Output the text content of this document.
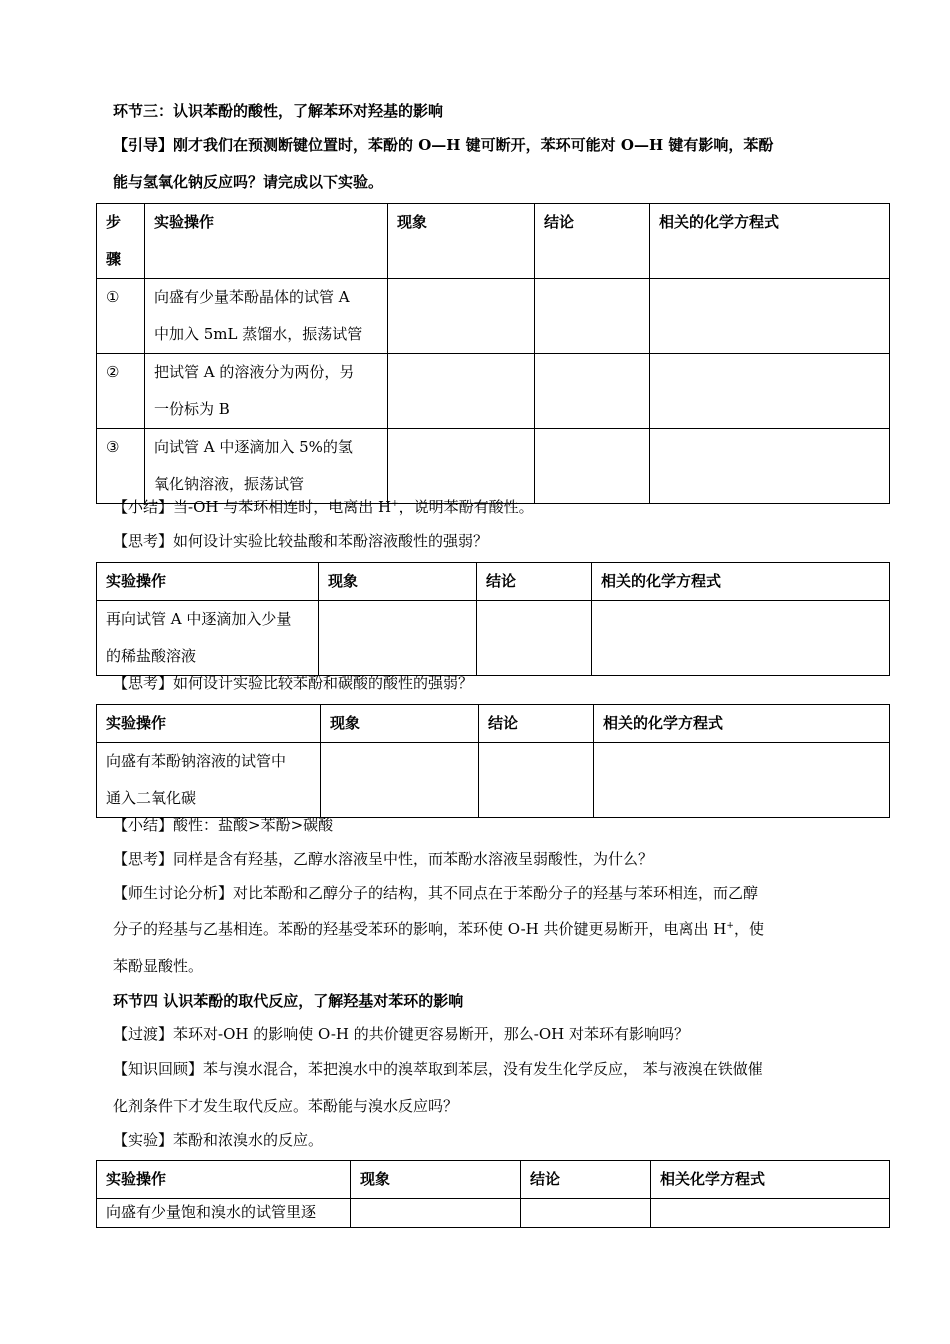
环节三：认识苯酚的酸性，了解苯环对羟基的影响
【引导】刚才我们在预测断键位置时，苯酚的 O—H 键可断开，苯环可能对 O—H 键有影响，苯酚
能与氢氧化钠反应吗？请完成以下实验。
步
骤	实验操作	现象	结论	相关的化学方程式
①	向盛有少量苯酚晶体的试管 A
中加入 5mL 蒸馏水，振荡试管			
②	把试管 A 的溶液分为两份，另
一份标为 B			
③	向试管 A 中逐滴加入 5%的氢
氧化钠溶液，振荡试管			
【小结】当-OH 与苯环相连时，电离出 H+，说明苯酚有酸性。
【思考】如何设计实验比较盐酸和苯酚溶液酸性的强弱？
实验操作	现象	结论	相关的化学方程式
再向试管 A 中逐滴加入少量
的稀盐酸溶液			
【思考】如何设计实验比较苯酚和碳酸的酸性的强弱？
实验操作	现象	结论	相关的化学方程式
向盛有苯酚钠溶液的试管中
通入二氧化碳			
【小结】酸性：盐酸>苯酚>碳酸
【思考】同样是含有羟基，乙醇水溶液呈中性，而苯酚水溶液呈弱酸性，为什么？
【师生讨论分析】对比苯酚和乙醇分子的结构，其不同点在于苯酚分子的羟基与苯环相连，而乙醇
分子的羟基与乙基相连。苯酚的羟基受苯环的影响，苯环使 O-H 共价键更易断开，电离出 H+，使
苯酚显酸性。
环节四 认识苯酚的取代反应，了解羟基对苯环的影响
【过渡】苯环对-OH 的影响使 O-H 的共价键更容易断开，那么-OH 对苯环有影响吗？
【知识回顾】苯与溴水混合，苯把溴水中的溴萃取到苯层，没有发生化学反应， 苯与液溴在铁做催
化剂条件下才发生取代反应。苯酚能与溴水反应吗？
【实验】苯酚和浓溴水的反应。
实验操作	现象	结论	相关化学方程式
向盛有少量饱和溴水的试管里逐			
